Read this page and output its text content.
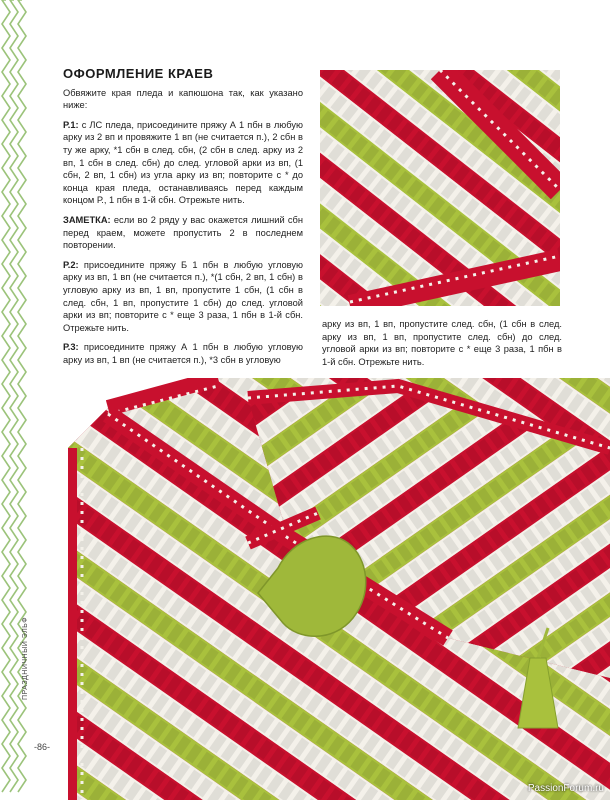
ПРАЗДНИЧНЫЙ ЭЛЬФ
-86-
ОФОРМЛЕНИЕ КРАЕВ

Обвяжите края пледа и капюшона так, как указано ниже:

Р.1: с ЛС пледа, присоедините пряжу А 1 пбн в любую арку из 2 вп и провяжите 1 вп (не считается п.), 2 сбн в ту же арку, *1 сбн в след. сбн, (2 сбн в след. арку из 2 вп, 1 сбн в след. сбн) до след. угловой арки из вп, (1 сбн, 2 вп, 1 сбн) из угла арку из вп; повторите с * до конца края пледа, останавливаясь перед каждым концом Р., 1 пбн в 1-й сбн. Отрежьте нить.

ЗАМЕТКА: если во 2 ряду у вас окажется лишний сбн перед краем, можете пропустить 2 в последнем повторении.

Р.2: присоедините пряжу Б 1 пбн в любую угловую арку из вп, 1 вп (не считается п.), *(1 сбн, 2 вп, 1 сбн) в угловую арку из вп, 1 вп, пропустите 1 сбн, (1 сбн в след. сбн, 1 вп, пропустите 1 сбн) до след. угловой арки из вп; повторите с * еще 3 раза, 1 пбн в 1-й сбн. Отрежьте нить.

Р.3: присоедините пряжу А 1 пбн в любую угловую арку из вп, 1 вп (не считается п.), *3 сбн в угловую

арку из вп, 1 вп, пропустите след. сбн, (1 сбн в след. арку из вп, 1 вп, пропустите след. сбн) до след. угловой арки из вп; повторите с * еще 3 раза, 1 пбн в 1-й сбн. Отрежьте нить.

PassionForum.ru
